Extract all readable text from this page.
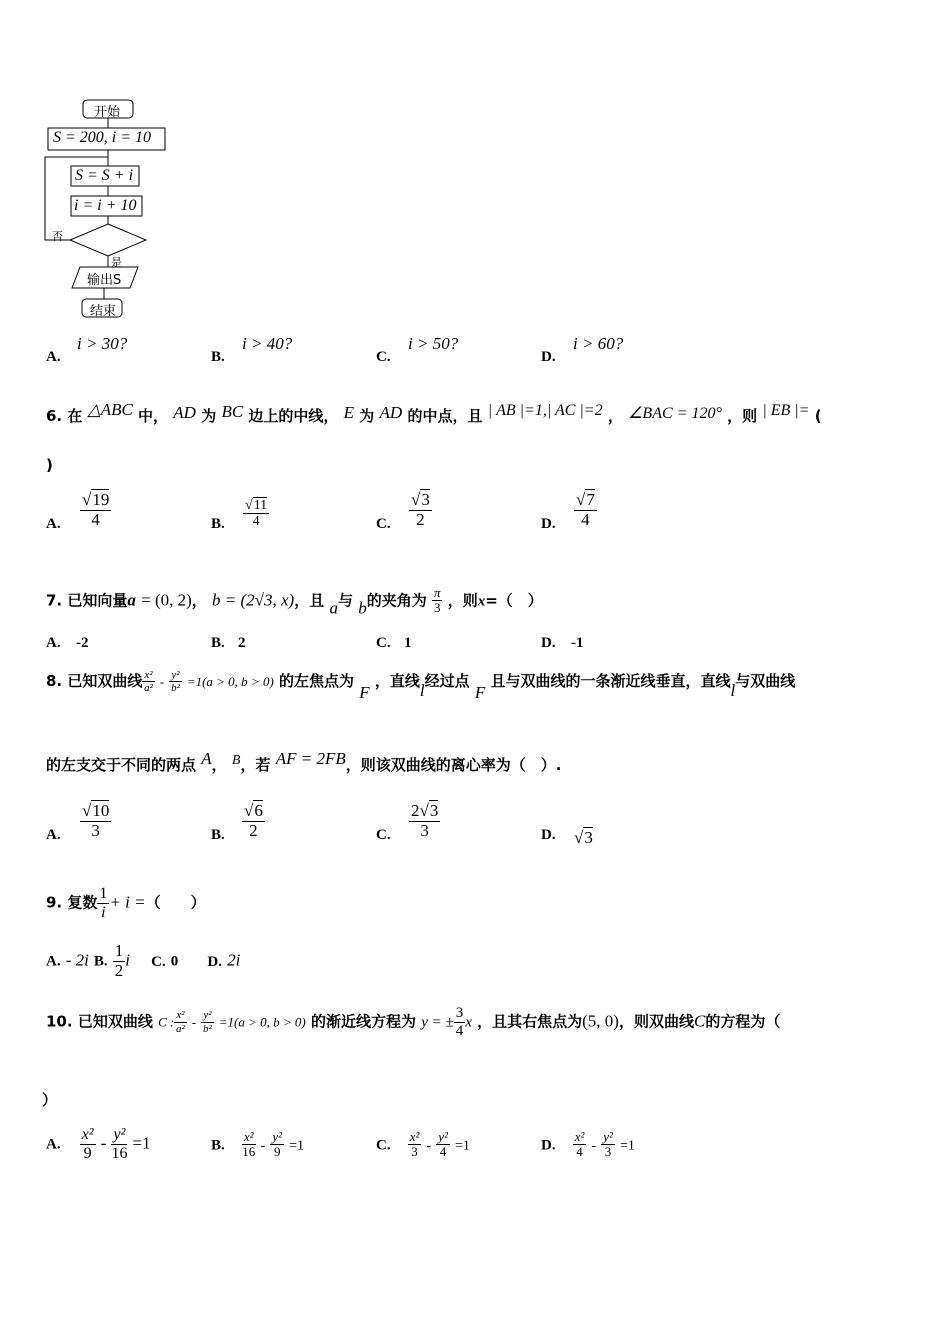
开始
S = 200, i = 10
S = S + i
i = i + 10
否
是
输出S
结束
A.
i > 30?
B.
i > 40?
C.
i > 50?
D.
i > 60?
6. 在 △ABC 中， AD 为 BC 边上的中线， E 为 AD 的中点，且 | AB |=1,| AC |=2 ， ∠BAC = 120° ，则 | EB |= (
)
A. $\frac{√19}{4}$	B. $\frac{√11}{4}$	C. $\frac{√3}{2}$	D. $\frac{√7}{4}$
7. 已知向量a = (0, 2)， b = (2√3, x)，且 a与 b的夹角为 $\frac{\pi}{3}$ ，则x=（　）
A. -2	B. 2	C. 1	D. -1
8. 已知双曲线 $\frac{\text{x²}}{\text{a²}} - \frac{\text{y²}}{\text{b²}} =1(a > 0$, b > 0) 的左焦点为 F ，直线l经过点 F 且与双曲线的一条渐近线垂直，直线l与双曲线
的左支交于不同的两点 A， B，若 AF = 2FB，则该双曲线的离心率为（　）.
A. $\frac{√10}{3}$	B. $\frac{√6}{2}$	C. $\frac{2√3}{3}$	D. √3
9. 复数 $\frac{1}{i} + i$ =（　　）
A. - 2i B. $\frac{1}{2}$ i C. 0 D. 2i
10. 已知双曲线 C : $\frac{\text{x²}}{\text{a²}} - \frac{\text{y²}}{\text{b²}} =1(a > 0$, b > 0) 的渐近线方程为 y = ± $\frac{3}{4}$ x ，且其右焦点为(5, 0)，则双曲线C的方程为（
）
A. $\frac{\text{x²}}{9} - \frac{\text{y²}}{16} =1$	B. $\frac{\text{x²}}{16} - \frac{\text{y²}}{9} =1$	C. $\frac{\text{x²}}{3} - \frac{\text{y²}}{4} =1$	D. $\frac{\text{x²}}{4} - \frac{\text{y²}}{3} =1$
